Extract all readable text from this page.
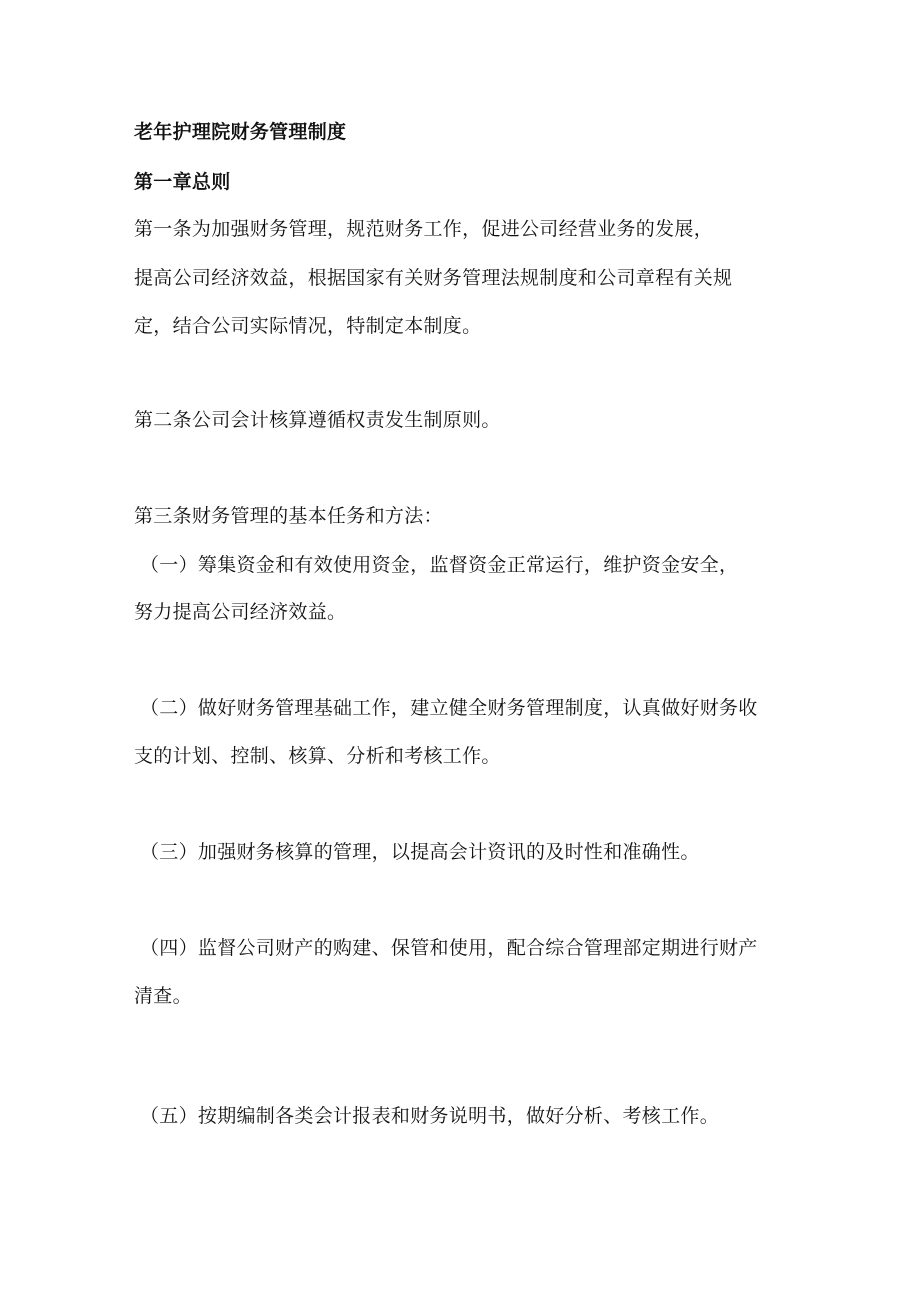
老年护理院财务管理制度
第一章总则
第一条为加强财务管理，规范财务工作，促进公司经营业务的发展，
提高公司经济效益，根据国家有关财务管理法规制度和公司章程有关规
定，结合公司实际情况，特制定本制度。
第二条公司会计核算遵循权责发生制原则。
第三条财务管理的基本任务和方法：
（一）筹集资金和有效使用资金，监督资金正常运行，维护资金安全，
努力提高公司经济效益。
（二）做好财务管理基础工作，建立健全财务管理制度，认真做好财务收
支的计划、控制、核算、分析和考核工作。
（三）加强财务核算的管理，以提高会计资讯的及时性和准确性。
（四）监督公司财产的购建、保管和使用，配合综合管理部定期进行财产
清查。
（五）按期编制各类会计报表和财务说明书，做好分析、考核工作。
